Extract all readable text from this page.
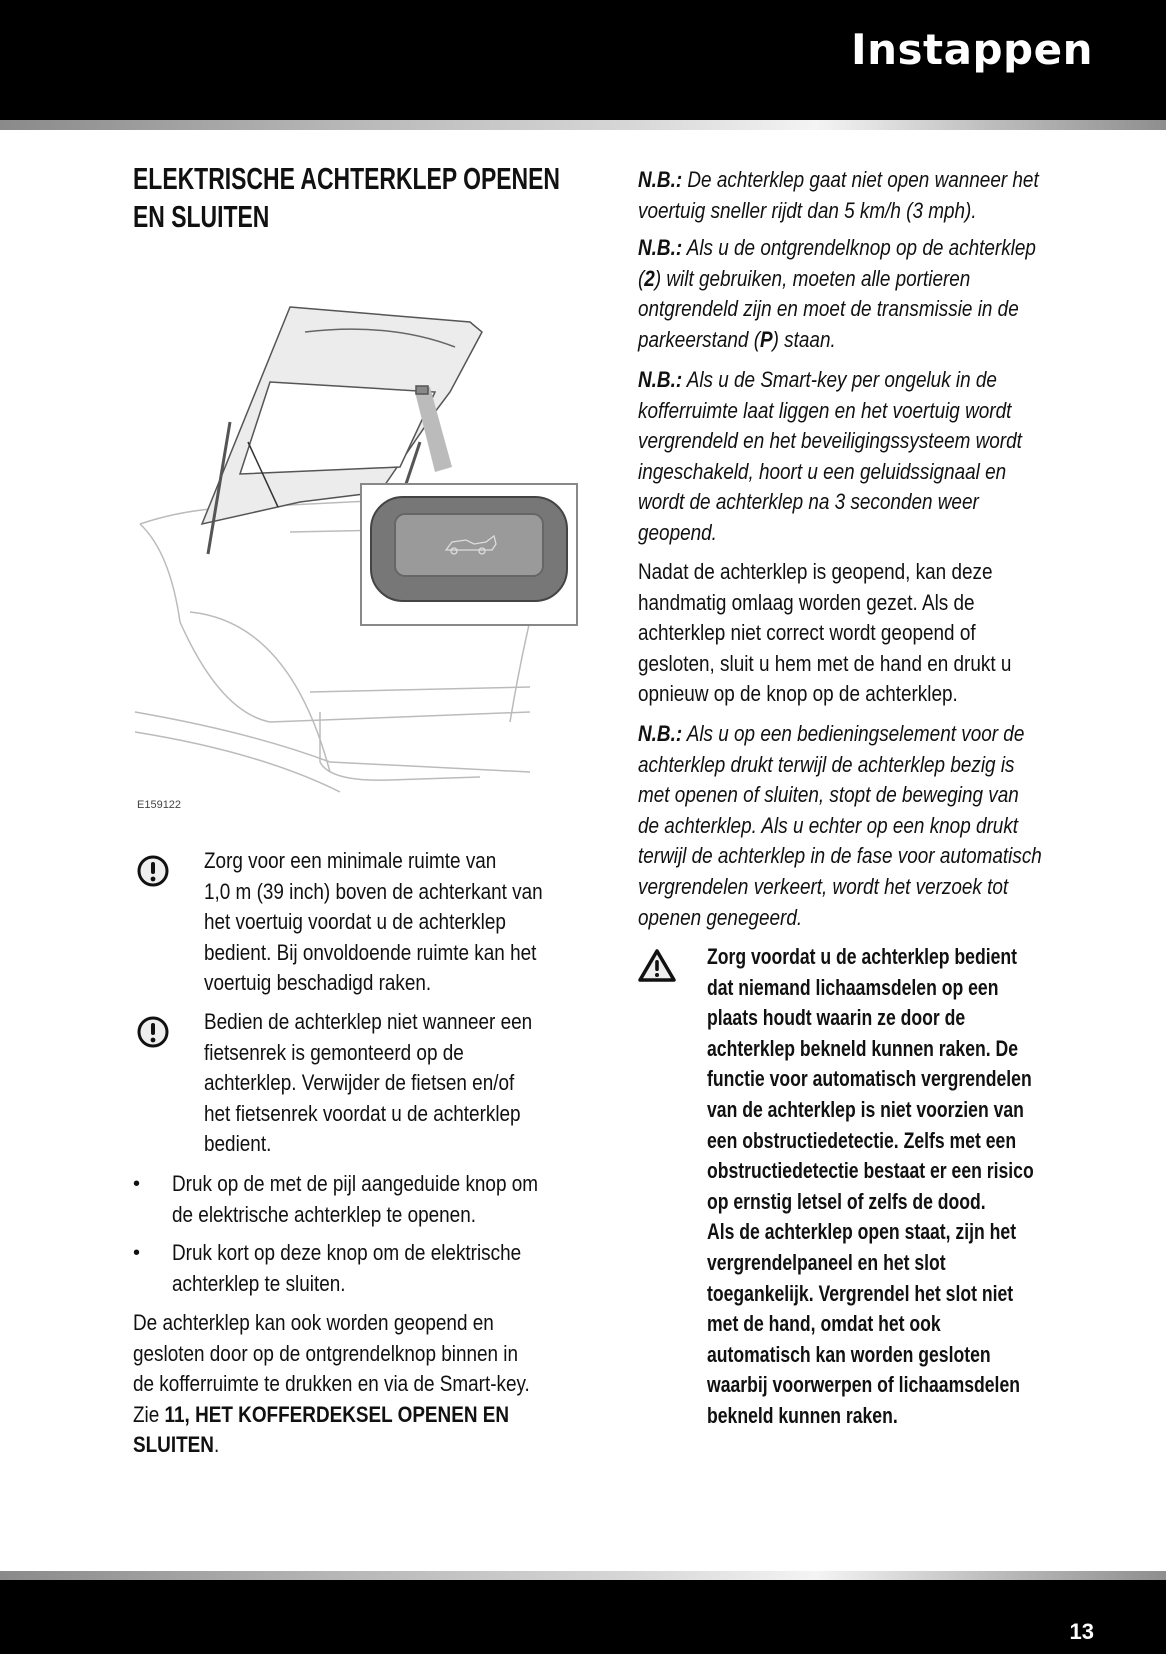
Instappen
ELEKTRISCHE ACHTERKLEP OPENEN
EN SLUITEN
E159122
Zorg voor een minimale ruimte van
1,0 m (39 inch) boven de achterkant van
het voertuig voordat u de achterklep
bedient. Bij onvoldoende ruimte kan het
voertuig beschadigd raken.
Bedien de achterklep niet wanneer een
fietsenrek is gemonteerd op de
achterklep. Verwijder de fietsen en/of
het fietsenrek voordat u de achterklep
bedient.
• Druk op de met de pijl aangeduide knop om
de elektrische achterklep te openen.
• Druk kort op deze knop om de elektrische
achterklep te sluiten.
De achterklep kan ook worden geopend en
gesloten door op de ontgrendelknop binnen in
de kofferruimte te drukken en via de Smart-key.
Zie 11, HET KOFFERDEKSEL OPENEN EN
SLUITEN.
N.B.: De achterklep gaat niet open wanneer het
voertuig sneller rijdt dan 5 km/h (3 mph).
N.B.: Als u de ontgrendelknop op de achterklep
(2) wilt gebruiken, moeten alle portieren
ontgrendeld zijn en moet de transmissie in de
parkeerstand (P) staan.
N.B.: Als u de Smart-key per ongeluk in de
kofferruimte laat liggen en het voertuig wordt
vergrendeld en het beveiligingssysteem wordt
ingeschakeld, hoort u een geluidssignaal en
wordt de achterklep na 3 seconden weer
geopend.
Nadat de achterklep is geopend, kan deze
handmatig omlaag worden gezet. Als de
achterklep niet correct wordt geopend of
gesloten, sluit u hem met de hand en drukt u
opnieuw op de knop op de achterklep.
N.B.: Als u op een bedieningselement voor de
achterklep drukt terwijl de achterklep bezig is
met openen of sluiten, stopt de beweging van
de achterklep. Als u echter op een knop drukt
terwijl de achterklep in de fase voor automatisch
vergrendelen verkeert, wordt het verzoek tot
openen genegeerd.
Zorg voordat u de achterklep bedient
dat niemand lichaamsdelen op een
plaats houdt waarin ze door de
achterklep bekneld kunnen raken. De
functie voor automatisch vergrendelen
van de achterklep is niet voorzien van
een obstructiedetectie. Zelfs met een
obstructiedetectie bestaat er een risico
op ernstig letsel of zelfs de dood.
Als de achterklep open staat, zijn het
vergrendelpaneel en het slot
toegankelijk. Vergrendel het slot niet
met de hand, omdat het ook
automatisch kan worden gesloten
waarbij voorwerpen of lichaamsdelen
bekneld kunnen raken.
13
